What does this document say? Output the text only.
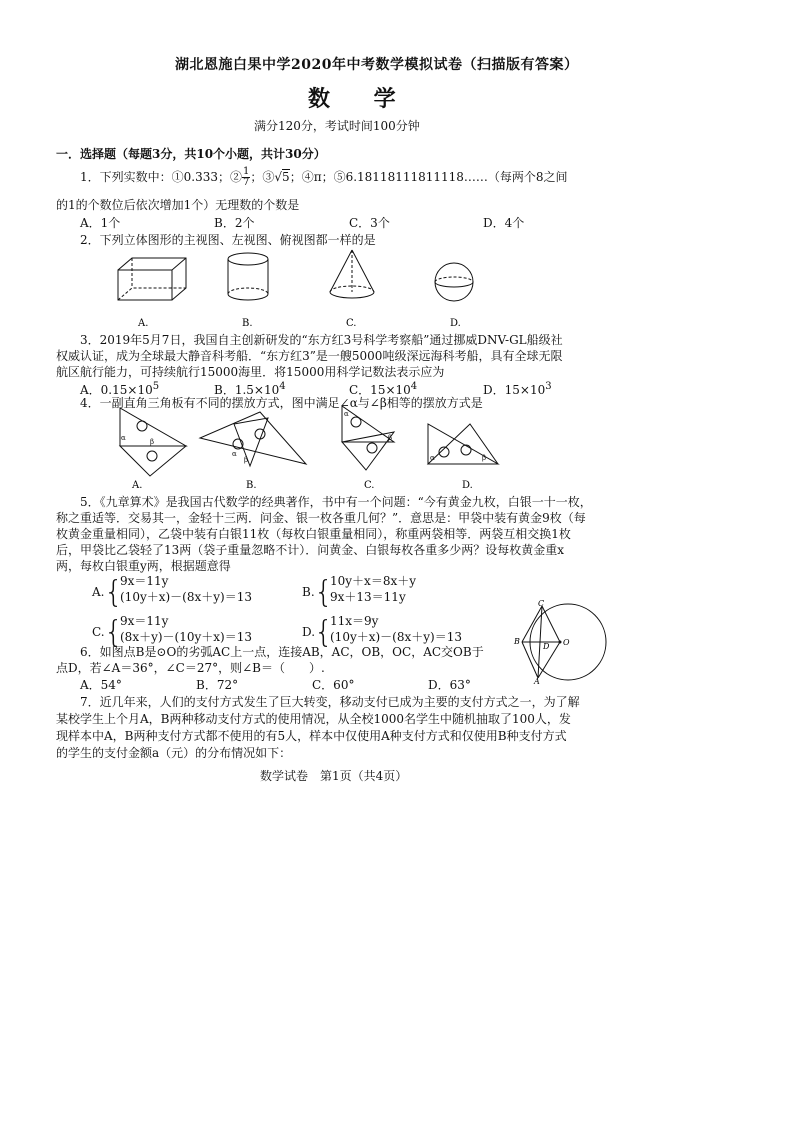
湖北恩施白果中学2020年中考数学模拟试卷（扫描版有答案）
数 学
满分120分，考试时间100分钟
一．选择题（每题3分，共10个小题，共计30分）
1．下列实数中：①0.333；② $\frac{1}{7}$ ；③√5；④π；⑤6.18118111811118……（每两个8之间
的1的个数位后依次增加1个）无理数的个数是
A．1个	B．2个	C．3个	D．4个
2．下列立体图形的主视图、左视图、俯视图都一样的是
A.	B.	C.	D.
3．2019年5月7日，我国自主创新研发的“东方红3号科学考察船”通过挪威DNV-GL船级社
权威认证，成为全球最大静音科考船．“东方红3”是一艘5000吨级深远海科考船，具有全球无限
航区航行能力，可持续航行15000海里．将15000用科学记数法表示应为
A．$0.15\times 10^5$	B．$1.5\times 10^4$	C．$15\times 10^4$	D．$15\times 10^3$
4．一副直角三角板有不同的摆放方式，图中满足∠α与∠β相等的摆放方式是
α	β
α
β
α
β
α	β
A.	B.	C.	D.
5．《九章算术》是我国古代数学的经典著作，书中有一个问题：“今有黄金九枚，白银一十一枚，
称之重适等．交易其一，金轻十三两．问金、银一枚各重几何？”．意思是：甲袋中装有黄金9枚（每
枚黄金重量相同），乙袋中装有白银11枚（每枚白银重量相同），称重两袋相等．两袋互相交换1枚
后，甲袋比乙袋轻了13两（袋子重量忽略不计）．问黄金、白银每枚各重多少两？设每枚黄金重x
两，每枚白银重y两，根据题意得
A. {
9x＝11y
(10y＋x)－(8x＋y)＝13	B. {
10y＋x＝8x＋y
9x＋13＝11y
C. {
9x＝11y
(8x＋y)－(10y＋x)＝13	D.
{
11x＝9y
(10y＋x)－(8x＋y)＝13
C
B
D O
A
6．如图点B是⊙O的劣弧AC上一点，连接AB，AC，OB，OC，AC交OB于
点D，若∠A＝36°，∠C＝27°，则∠B＝（　　）.
A．54°	B．72°	C．60°	D．63°
7．近几年来，人们的支付方式发生了巨大转变，移动支付已成为主要的支付方式之一，为了解
某校学生上个月A，B两种移动支付方式的使用情况，从全校1000名学生中随机抽取了100人，发
现样本中A，B两种支付方式都不使用的有5人，样本中仅使用A种支付方式和仅使用B种支付方式
的学生的支付金额a（元）的分布情况如下：
数学试卷　第1页（共4页）
